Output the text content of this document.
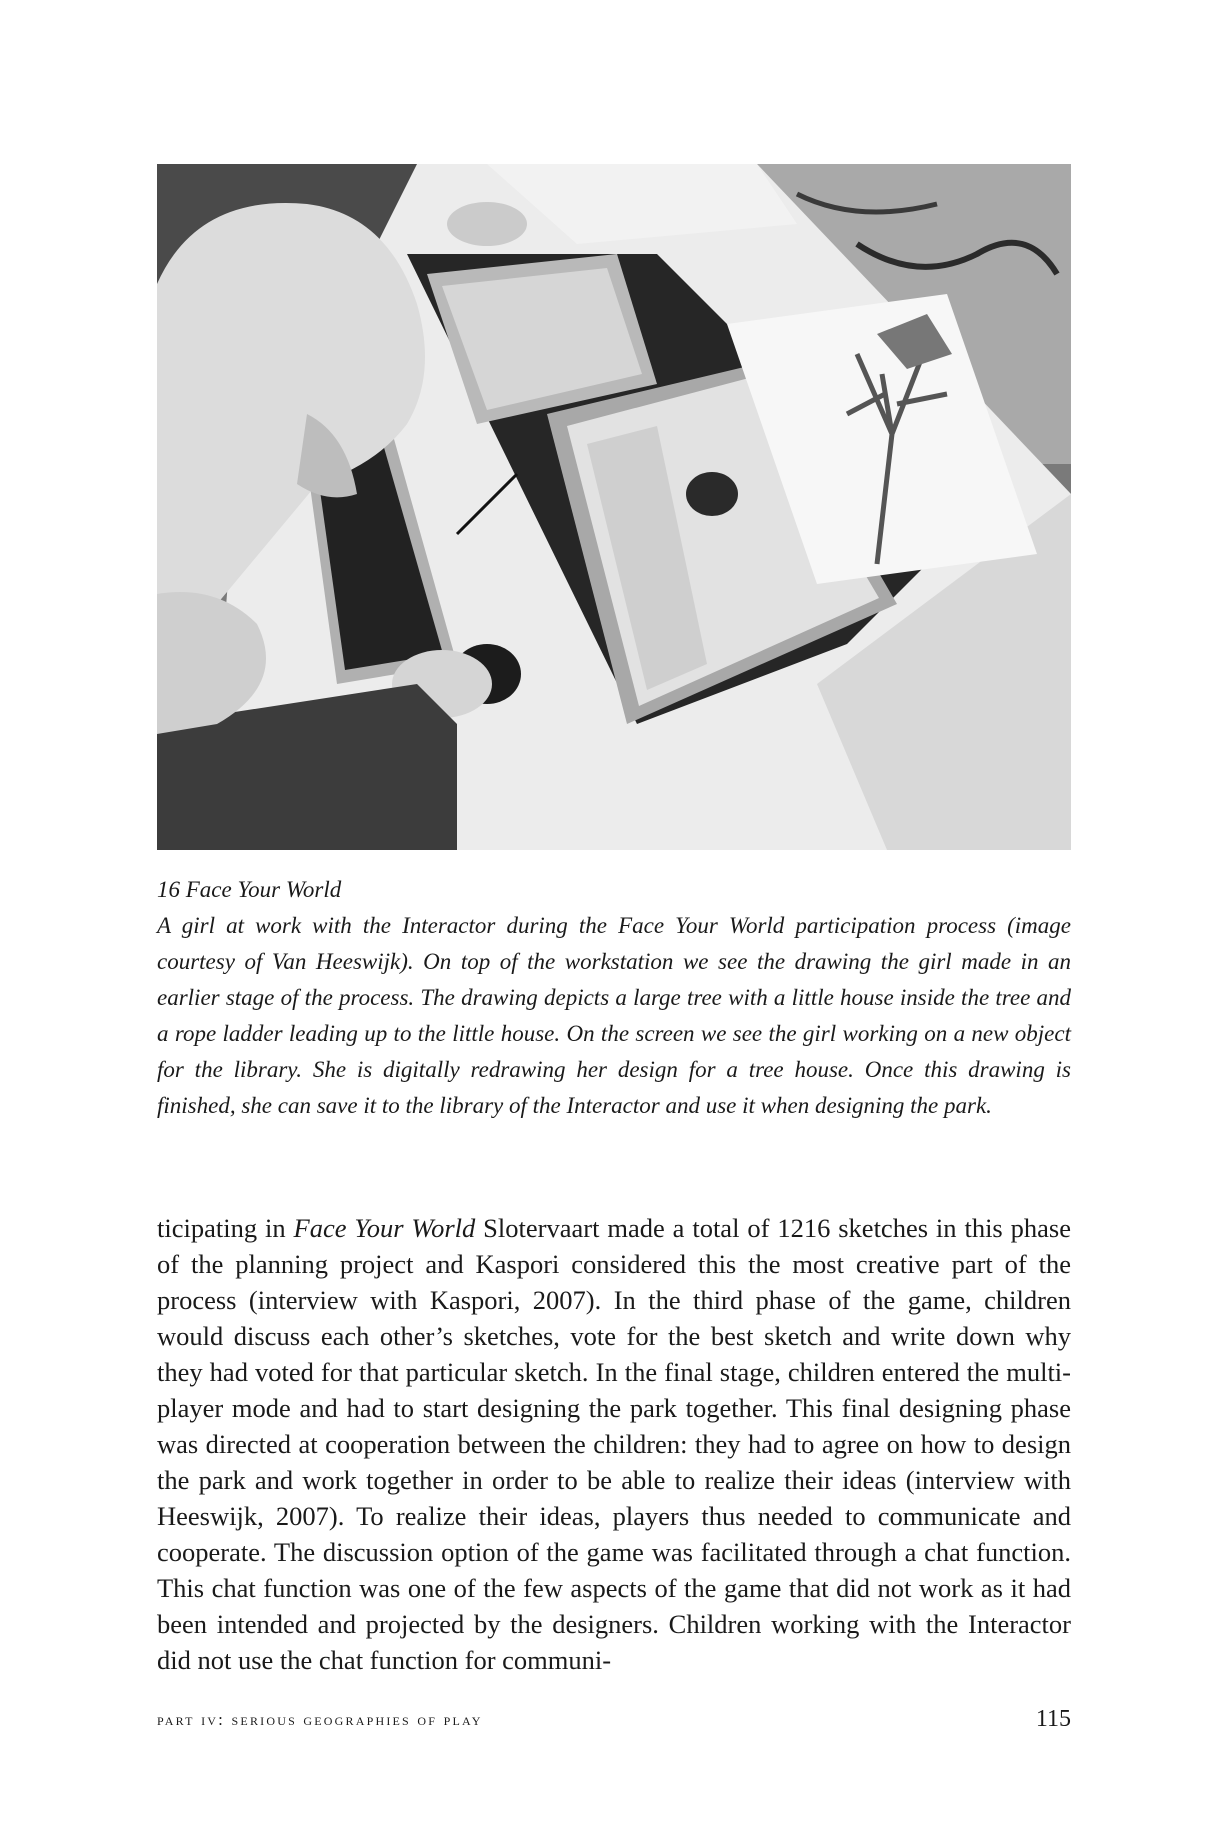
16 Face Your World
A girl at work with the Interactor during the Face Your World participation process (image courtesy of Van Heeswijk). On top of the workstation we see the drawing the girl made in an earlier stage of the process. The drawing depicts a large tree with a little house inside the tree and a rope ladder leading up to the little house. On the screen we see the girl working on a new object for the library. She is digitally redrawing her design for a tree house. Once this drawing is finished, she can save it to the library of the Interactor and use it when designing the park.
ticipating in Face Your World Slotervaart made a total of 1216 sketches in this phase of the planning project and Kaspori considered this the most creative part of the process (interview with Kaspori, 2007). In the third phase of the game, children would discuss each other’s sketches, vote for the best sketch and write down why they had voted for that particular sketch. In the final stage, children entered the multi-player mode and had to start designing the park together. This final designing phase was directed at cooperation between the children: they had to agree on how to design the park and work together in order to be able to realize their ideas (interview with Heeswijk, 2007). To realize their ideas, players thus needed to communicate and cooperate. The discussion option of the game was facilitated through a chat function. This chat function was one of the few aspects of the game that did not work as it had been intended and projected by the designers. Children working with the Interactor did not use the chat function for communi-
part iv: serious geographies of play	115
